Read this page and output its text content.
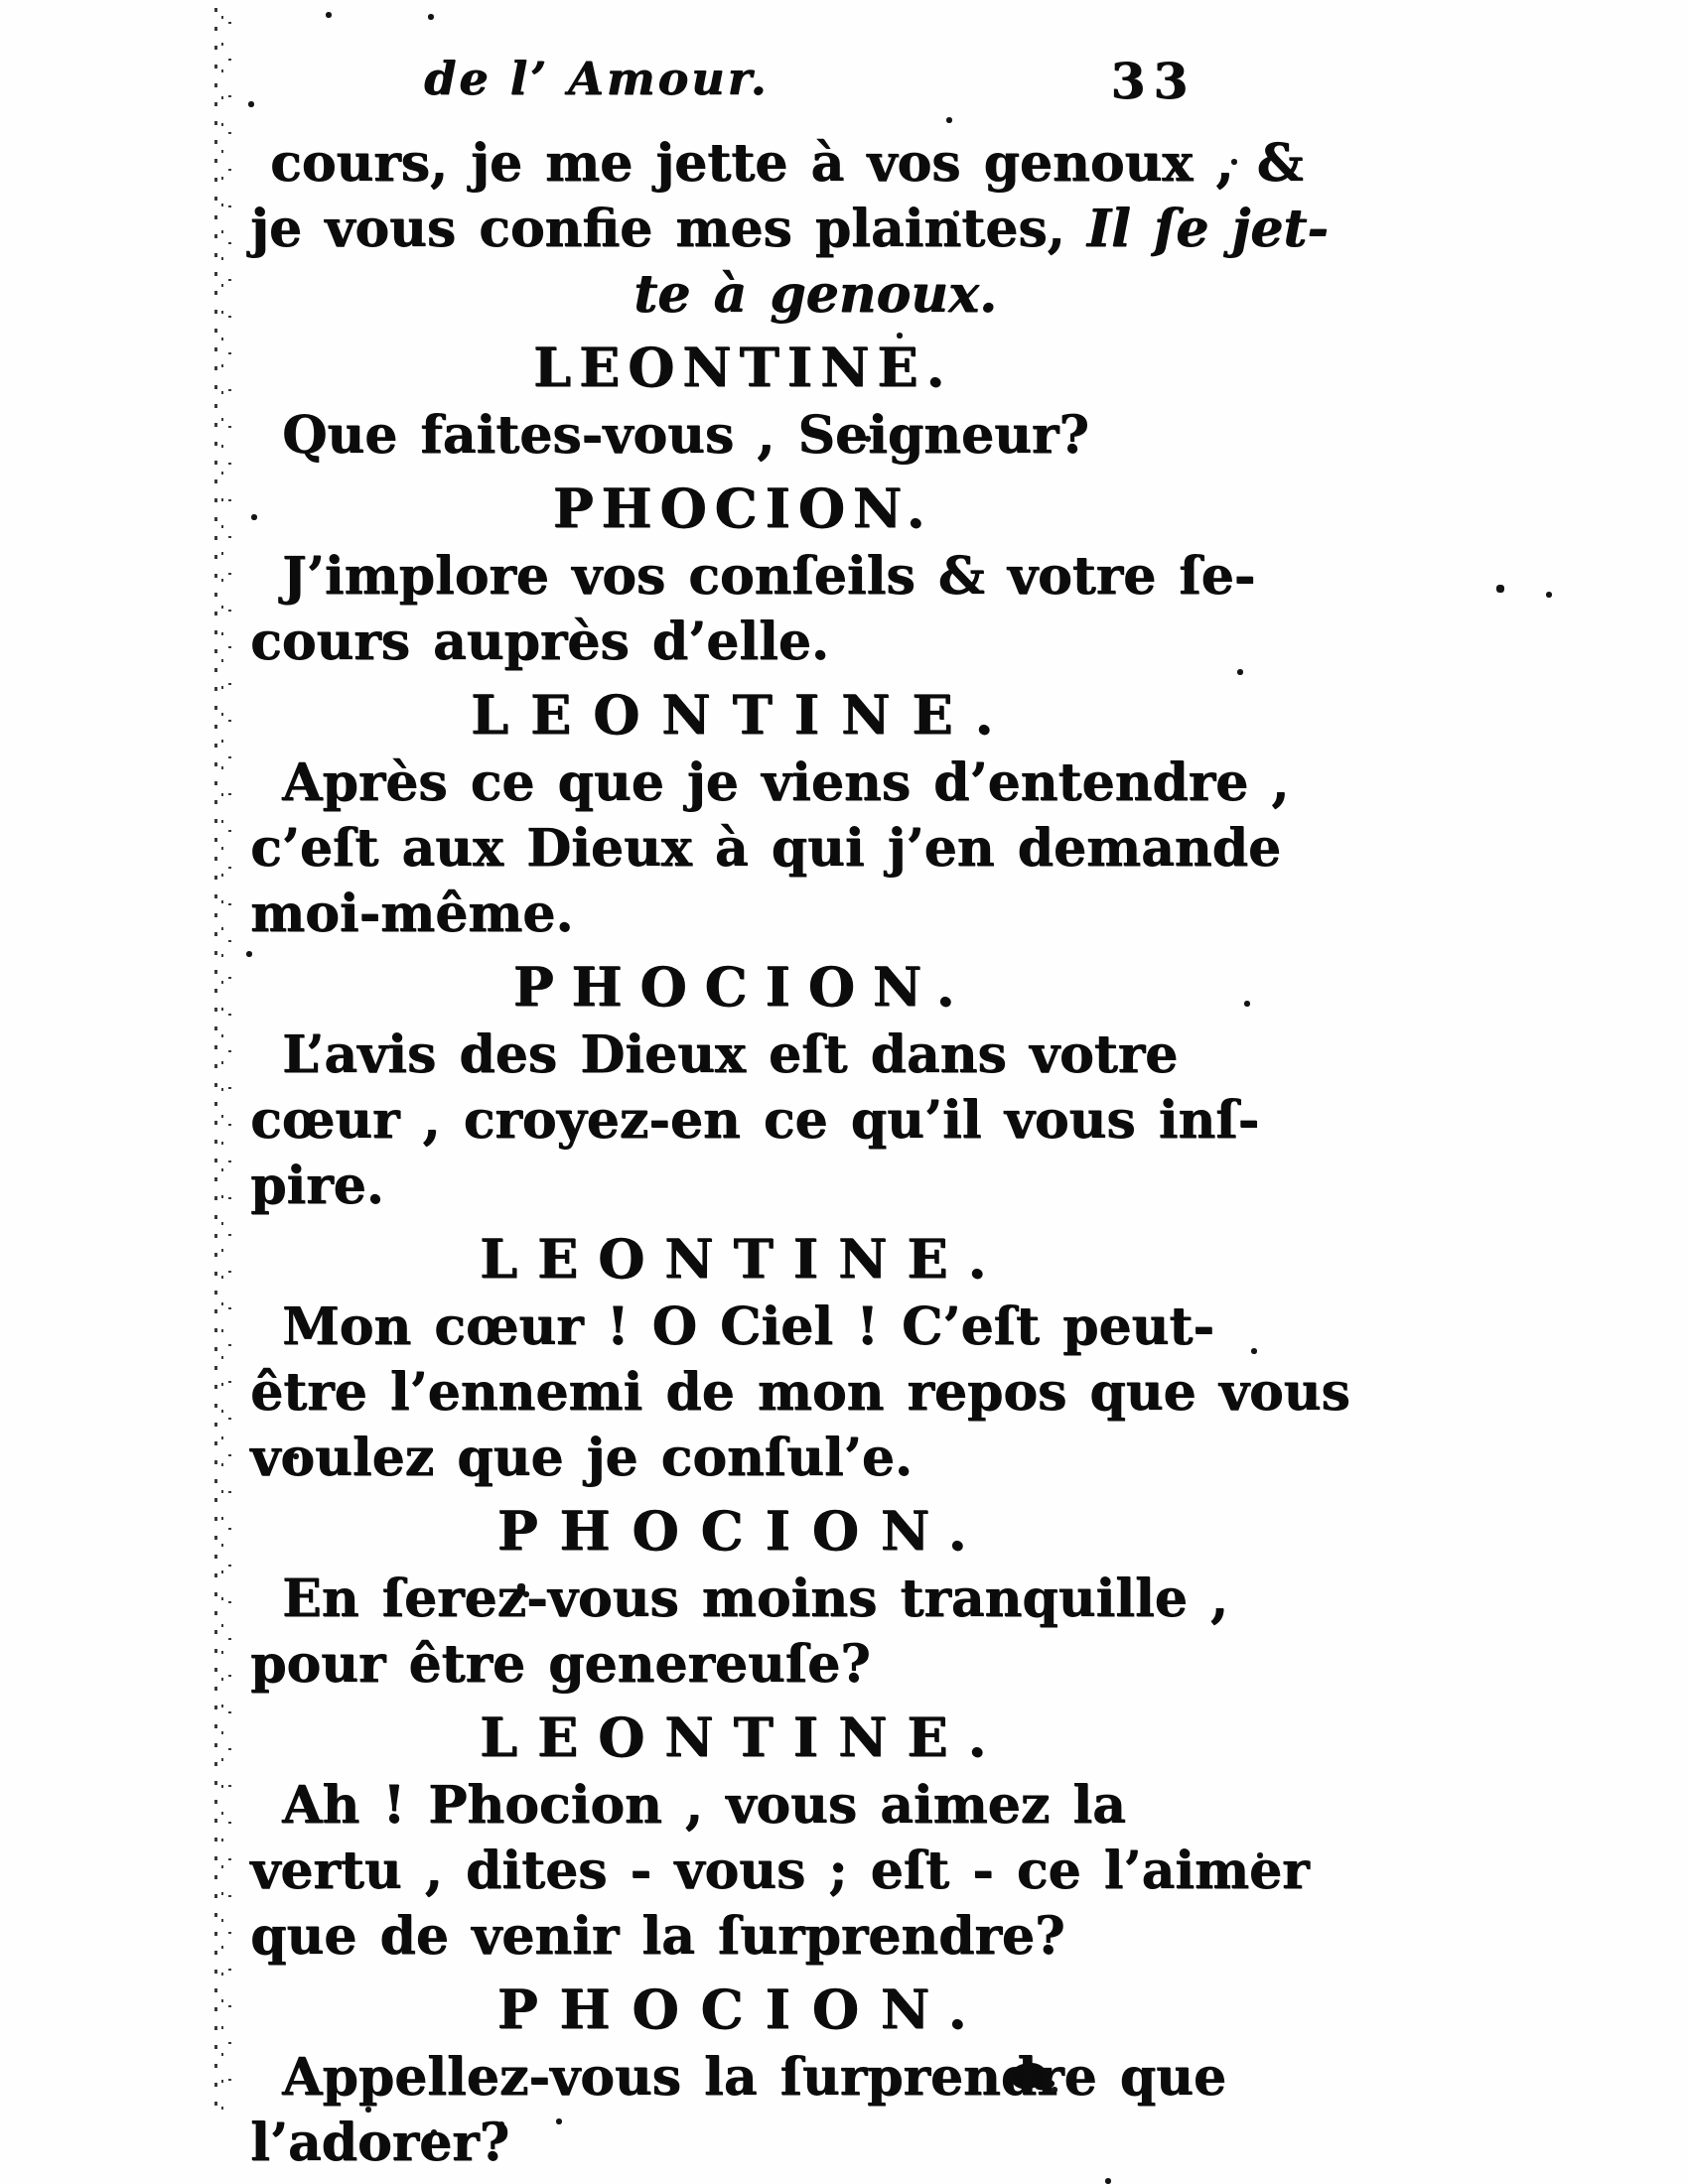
de l’ Amour.	33

cours, je me jette à vos genoux , &

je vous confie mes plaintes, Il ſe jet-

te à genoux.

LEONTINE.

Que faites-vous , Seigneur?

PHOCION.

J’implore vos conſeils & votre ſe-

cours auprès d’elle.

LEONTINE.

Après ce que je viens d’entendre ,

c’eſt aux Dieux à qui j’en demande

moi-même.

PHOCION.

L’avis des Dieux eſt dans votre

cœur , croyez-en ce qu’il vous inſ-

pire.

LEONTINE.

Mon cœur ! O Ciel ! C’eſt peut-

être l’ennemi de mon repos que vous

voulez que je conſul’e.

PHOCION.

En ſerez-vous moins tranquille ,

pour être genereuſe?

LEONTINE.

Ah ! Phocion , vous aimez la

vertu , dites - vous ; eſt - ce l’aimer

que de venir la ſurprendre?

PHOCION.

Appellez-vous la ſurprendre que

l’adorer?
